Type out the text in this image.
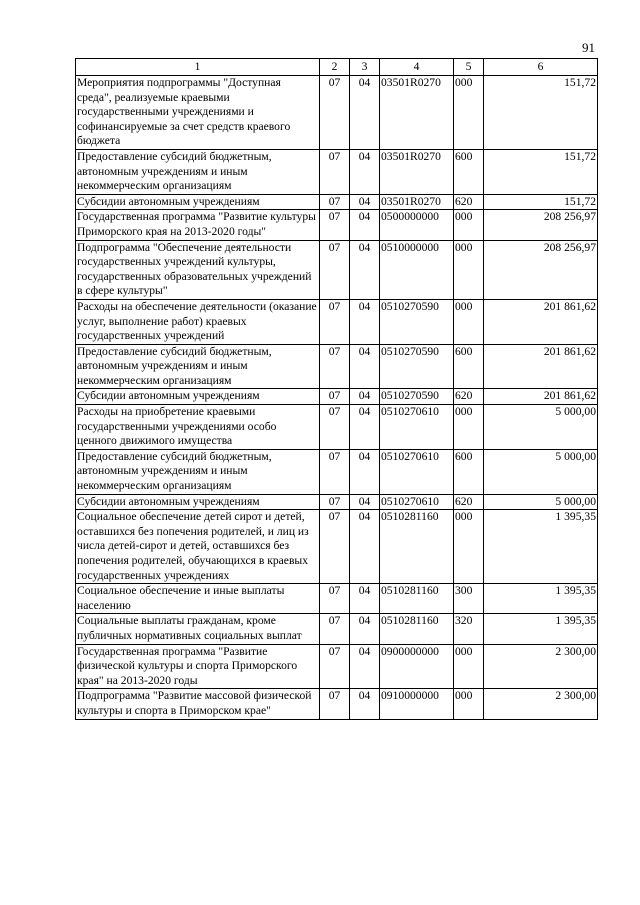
91
1	2	3	4	5	6
Мероприятия подпрограммы "Доступная среда", реализуемые краевыми государственными учреждениями и софинансируемые за счет средств краевого бюджета	07	04	03501R0270	000	151,72
Предоставление субсидий бюджетным, автономным учреждениям и иным некоммерческим организациям	07	04	03501R0270	600	151,72
Субсидии автономным учреждениям	07	04	03501R0270	620	151,72
Государственная программа "Развитие культуры Приморского края на 2013-2020 годы"	07	04	0500000000	000	208 256,97
Подпрограмма "Обеспечение деятельности государственных учреждений культуры, государственных образовательных учреждений в сфере культуры"	07	04	0510000000	000	208 256,97
Расходы на обеспечение деятельности (оказание услуг, выполнение работ) краевых государственных учреждений	07	04	0510270590	000	201 861,62
Предоставление субсидий бюджетным, автономным учреждениям и иным некоммерческим организациям	07	04	0510270590	600	201 861,62
Субсидии автономным учреждениям	07	04	0510270590	620	201 861,62
Расходы на приобретение краевыми государственными учреждениями особо ценного движимого имущества	07	04	0510270610	000	5 000,00
Предоставление субсидий бюджетным, автономным учреждениям и иным некоммерческим организациям	07	04	0510270610	600	5 000,00
Субсидии автономным учреждениям	07	04	0510270610	620	5 000,00
Социальное обеспечение детей сирот и детей, оставшихся без попечения родителей, и лиц из числа детей-сирот и детей, оставшихся без попечения родителей, обучающихся в краевых государственных учреждениях	07	04	0510281160	000	1 395,35
Социальное обеспечение и иные выплаты населению	07	04	0510281160	300	1 395,35
Социальные выплаты гражданам, кроме публичных нормативных социальных выплат	07	04	0510281160	320	1 395,35
Государственная программа "Развитие физической культуры и спорта Приморского края" на 2013-2020 годы	07	04	0900000000	000	2 300,00
Подпрограмма "Развитие массовой физической культуры и спорта в Приморском крае"	07	04	0910000000	000	2 300,00
